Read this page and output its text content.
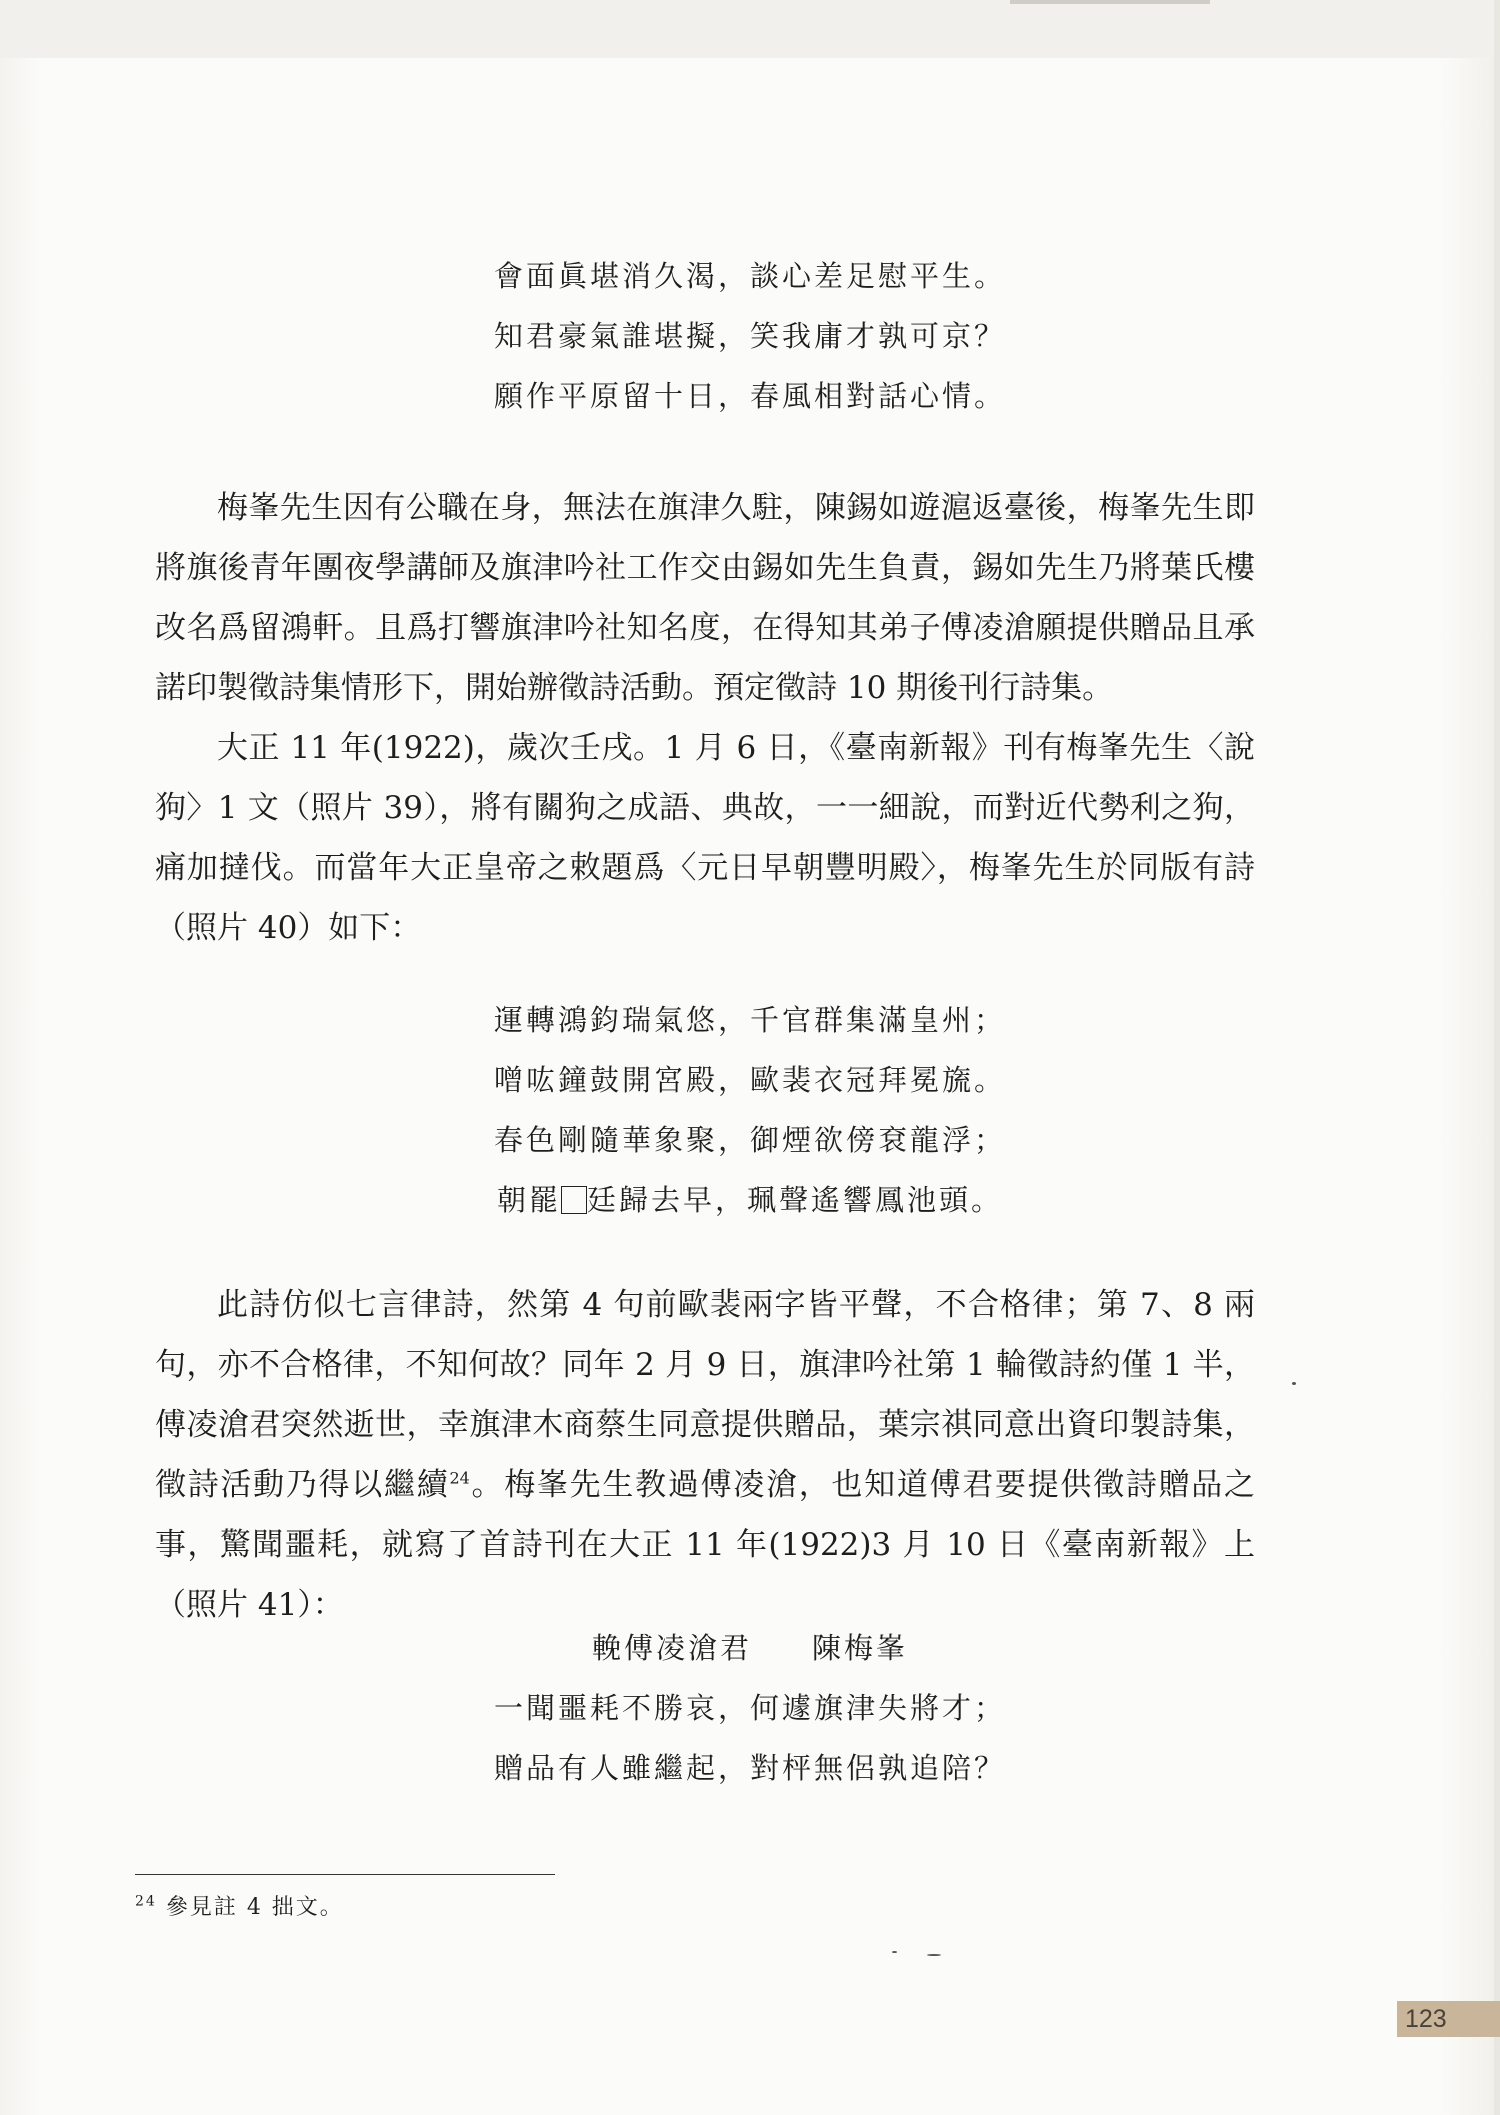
會面眞堪消久渴，談心差足慰平生。
知君豪氣誰堪擬，笑我庸才孰可京？
願作平原留十日，春風相對話心情。

梅峯先生因有公職在身，無法在旗津久駐，陳錫如遊滬返臺後，梅峯先生即將旗後青年團夜學講師及旗津吟社工作交由錫如先生負責，錫如先生乃將葉氏樓改名爲留鴻軒。且爲打響旗津吟社知名度，在得知其弟子傅凌滄願提供贈品且承諾印製徵詩集情形下，開始辦徵詩活動。預定徵詩 10 期後刊行詩集。

大正 11 年(1922)，歲次壬戌。1 月 6 日，《臺南新報》刊有梅峯先生〈說狗〉1 文（照片 39），將有關狗之成語、典故，一一細說，而對近代勢利之狗，痛加撻伐。而當年大正皇帝之敕題爲〈元日早朝豐明殿〉，梅峯先生於同版有詩（照片 40）如下：

運轉鴻鈞瑞氣悠，千官群集滿皇州；
噌吰鐘鼓開宮殿，歐裴衣冠拜冕旒。
春色剛隨華象聚，御煙欲傍袞龍浮；
朝罷 廷歸去早，珮聲遙響鳳池頭。

此詩仿似七言律詩，然第 4 句前歐裴兩字皆平聲，不合格律；第 7、8 兩句，亦不合格律，不知何故？同年 2 月 9 日，旗津吟社第 1 輪徵詩約僅 1 半，傅凌滄君突然逝世，幸旗津木商蔡生同意提供贈品，葉宗祺同意出資印製詩集，徵詩活動乃得以繼續$^{24}$。梅峯先生教過傅凌滄，也知道傅君要提供徵詩贈品之事，驚聞噩耗，就寫了首詩刊在大正 11 年(1922)3 月 10 日《臺南新報》上（照片 41）：

輓傅凌滄君 陳梅峯
一聞噩耗不勝哀，何遽旗津失將才；
贈品有人雖繼起，對枰無侶孰追陪？
$^{24}$ 參見註 4 拙文。
123
